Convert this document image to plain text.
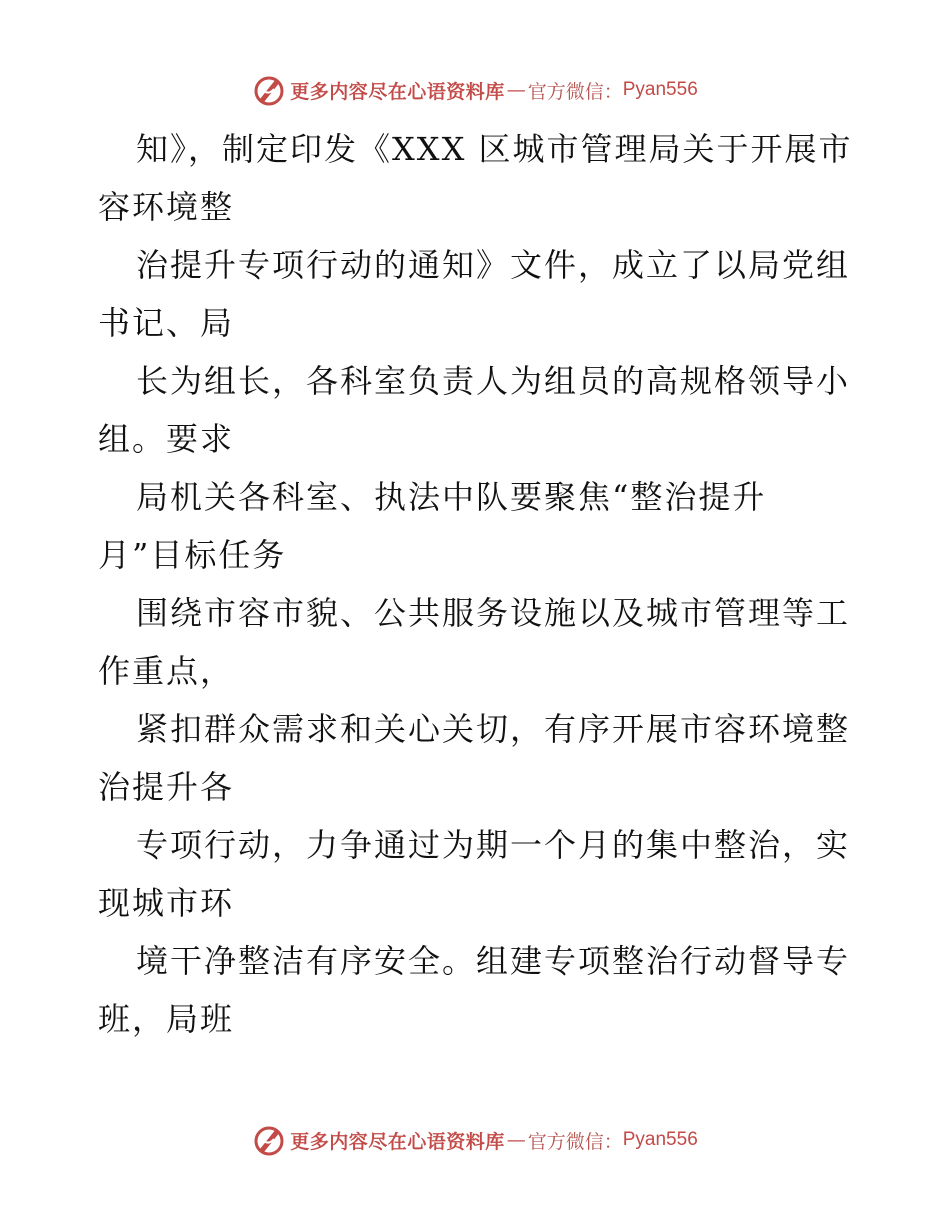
更多内容尽在心语资料库 — 官方微信： Pyan556
知》，制定印发《XXX 区城市管理局关于开展市
容环境整
治提升专项行动的通知》文件，成立了以局党组
书记、局
长为组长，各科室负责人为组员的高规格领导小
组。要求
局机关各科室、执法中队要聚焦“整治提升
月”目标任务
围绕市容市貌、公共服务设施以及城市管理等工
作重点，
紧扣群众需求和关心关切，有序开展市容环境整
治提升各
专项行动，力争通过为期一个月的集中整治，实
现城市环
境干净整洁有序安全。组建专项整治行动督导专
班，局班
更多内容尽在心语资料库 — 官方微信： Pyan556
